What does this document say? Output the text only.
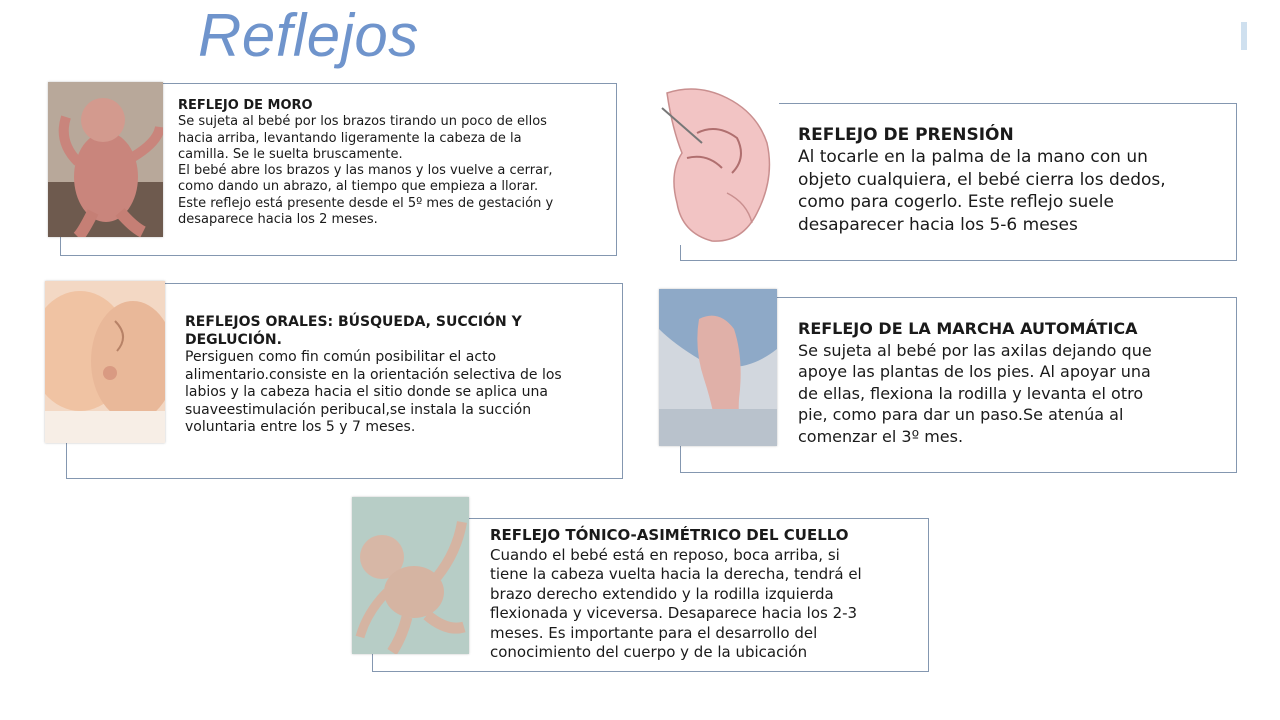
Reflejos
REFLEJO DE MORO
Se sujeta al bebé por los brazos tirando un poco de ellos
hacia arriba, levantando ligeramente la cabeza de la
camilla. Se le suelta bruscamente.
El bebé abre los brazos y las manos y los vuelve a cerrar,
como dando un abrazo, al tiempo que empieza a llorar.
Este reflejo está presente desde el 5º mes de gestación y
desaparece hacia los 2 meses.
REFLEJO DE PRENSIÓN
Al tocarle en la palma de la mano con un
objeto cualquiera, el bebé cierra los dedos,
como para cogerlo. Este reflejo suele
desaparecer hacia los 5-6 meses
REFLEJOS ORALES: BÚSQUEDA, SUCCIÓN Y DEGLUCIÓN.
Persiguen como fin común posibilitar el acto
alimentario.consiste en la orientación selectiva de los
labios y la cabeza hacia el sitio donde se aplica una
suaveestimulación peribucal,se instala la succión
voluntaria entre los 5 y 7 meses.
REFLEJO DE LA MARCHA AUTOMÁTICA
Se sujeta al bebé por las axilas dejando que
apoye las plantas de los pies. Al apoyar una
de ellas, flexiona la rodilla y levanta el otro
pie, como para dar un paso.Se atenúa al
comenzar el 3º mes.
REFLEJO TÓNICO-ASIMÉTRICO DEL CUELLO
Cuando el bebé está en reposo, boca arriba, si
tiene la cabeza vuelta hacia la derecha, tendrá el
brazo derecho extendido y la rodilla izquierda
flexionada y viceversa. Desaparece hacia los 2-3
meses. Es importante para el desarrollo del
conocimiento del cuerpo y de la ubicación
